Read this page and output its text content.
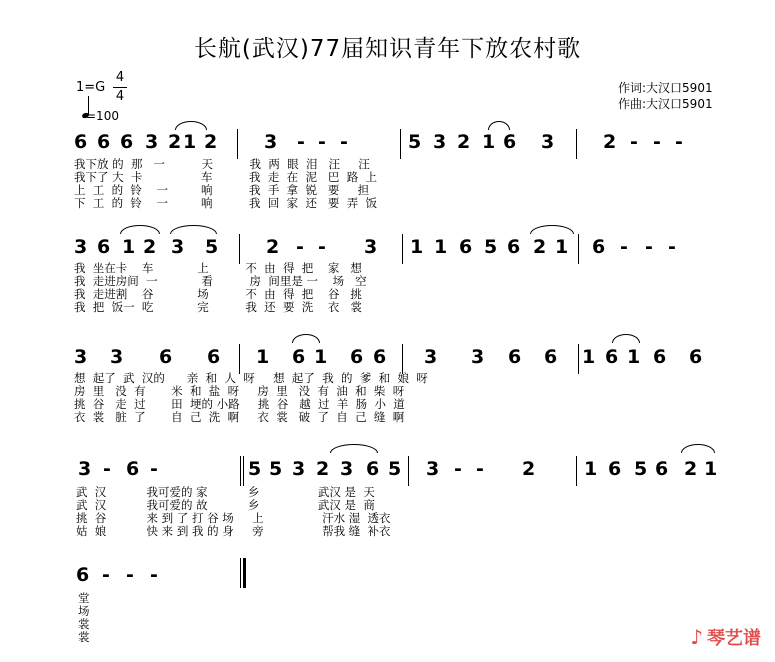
长航(武汉)77届知识青年下放农村歌
作词:大汉口5901
作曲:大汉口5901
1=G
4
4
=100
6 6 6 3 2 1 2 3 - - -	5 3 2 1 6 3	2 - - -
我下放 的  那   一          天          我  两  眼  泪   汪     汪
我下了 大  卡                车          我  走  在  泥   巴  路  上
上  工  的  铃    一         响          我  手  拿  锐   要     担
下  工  的  铃    一         响          我  回  家  还   要  弄  饭
3 6 1 2 3 5	2 - - 3 1 1 6 5 6 2 1 6 - - -
我  坐在卡    车            上          不  由  得  把    家   想
我  走进房间  一            看          房  间里是 一    场   空
我  走进割    谷            场          不  由  得  把    谷   挑
我  把  饭一  吃            完          我  还  要  洗    衣   裳
3 3 6 6 1 6 1 6 6 3 3 6 6 1 6 1 6 6
想  起了  武  汉的      亲  和  人  呀     想  起了  我  的  爹  和  娘  呀
房  里   没  有       米  和  盐  呀     房  里   没  有  油  和  柴  呀
挑  谷   走  过       田  埂的 小路     挑  谷   越  过  羊  肠  小  道
衣  裳   脏  了       自  己  洗  啊     衣  裳   破  了  自  己  缝  啊
3 - 6 -	5 5 3 2 3 6 5 3 - - 2	1 6 5 6 2 1
武  汉           我可爱的 家           乡                武汉 是  天
武  汉           我可爱的 故           乡                武汉 是  商
挑  谷           来 到 了 打 谷 场     上                汗水 湿  透衣
姑  娘           快 来 到 我 的 身     旁                帮我 缝  补衣
6 - - -
堂
场
裳
裳	♪ 琴艺谱
